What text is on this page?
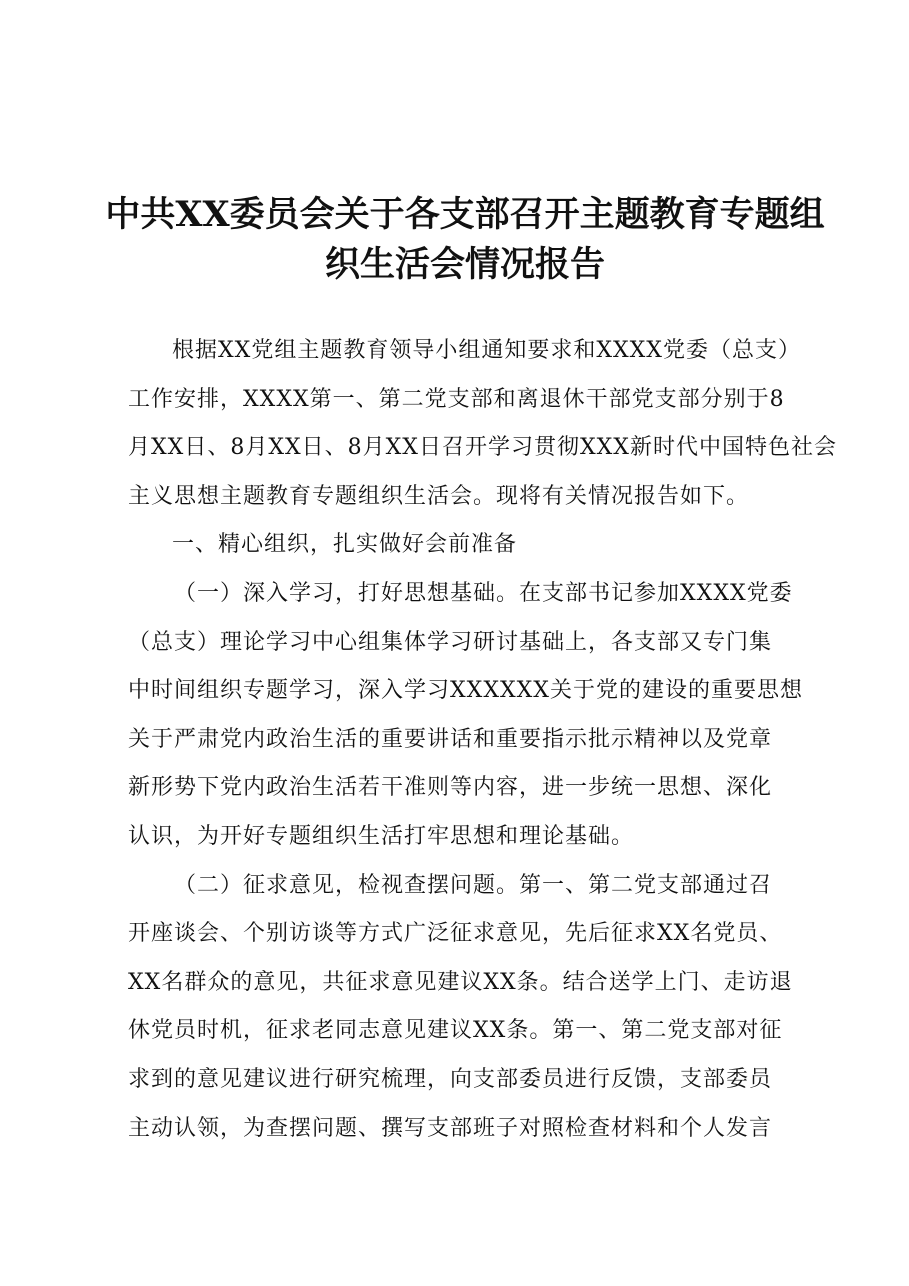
中共XX委员会关于各支部召开主题教育专题组
织生活会情况报告
根据XX党组主题教育领导小组通知要求和XXXX党委（总支）
工作安排，XXXX第一、第二党支部和离退休干部党支部分别于8
月XX日、8月XX日、8月XX日召开学习贯彻XXX新时代中国特色社会
主义思想主题教育专题组织生活会。现将有关情况报告如下。
一、精心组织，扎实做好会前准备
（一）深入学习，打好思想基础。在支部书记参加XXXX党委
（总支）理论学习中心组集体学习研讨基础上，各支部又专门集
中时间组织专题学习，深入学习XXXXXX关于党的建设的重要思想
关于严肃党内政治生活的重要讲话和重要指示批示精神以及党章
新形势下党内政治生活若干准则等内容，进一步统一思想、深化
认识，为开好专题组织生活打牢思想和理论基础。
（二）征求意见，检视查摆问题。第一、第二党支部通过召
开座谈会、个别访谈等方式广泛征求意见，先后征求XX名党员、
XX名群众的意见，共征求意见建议XX条。结合送学上门、走访退
休党员时机，征求老同志意见建议XX条。第一、第二党支部对征
求到的意见建议进行研究梳理，向支部委员进行反馈，支部委员
主动认领，为查摆问题、撰写支部班子对照检查材料和个人发言
